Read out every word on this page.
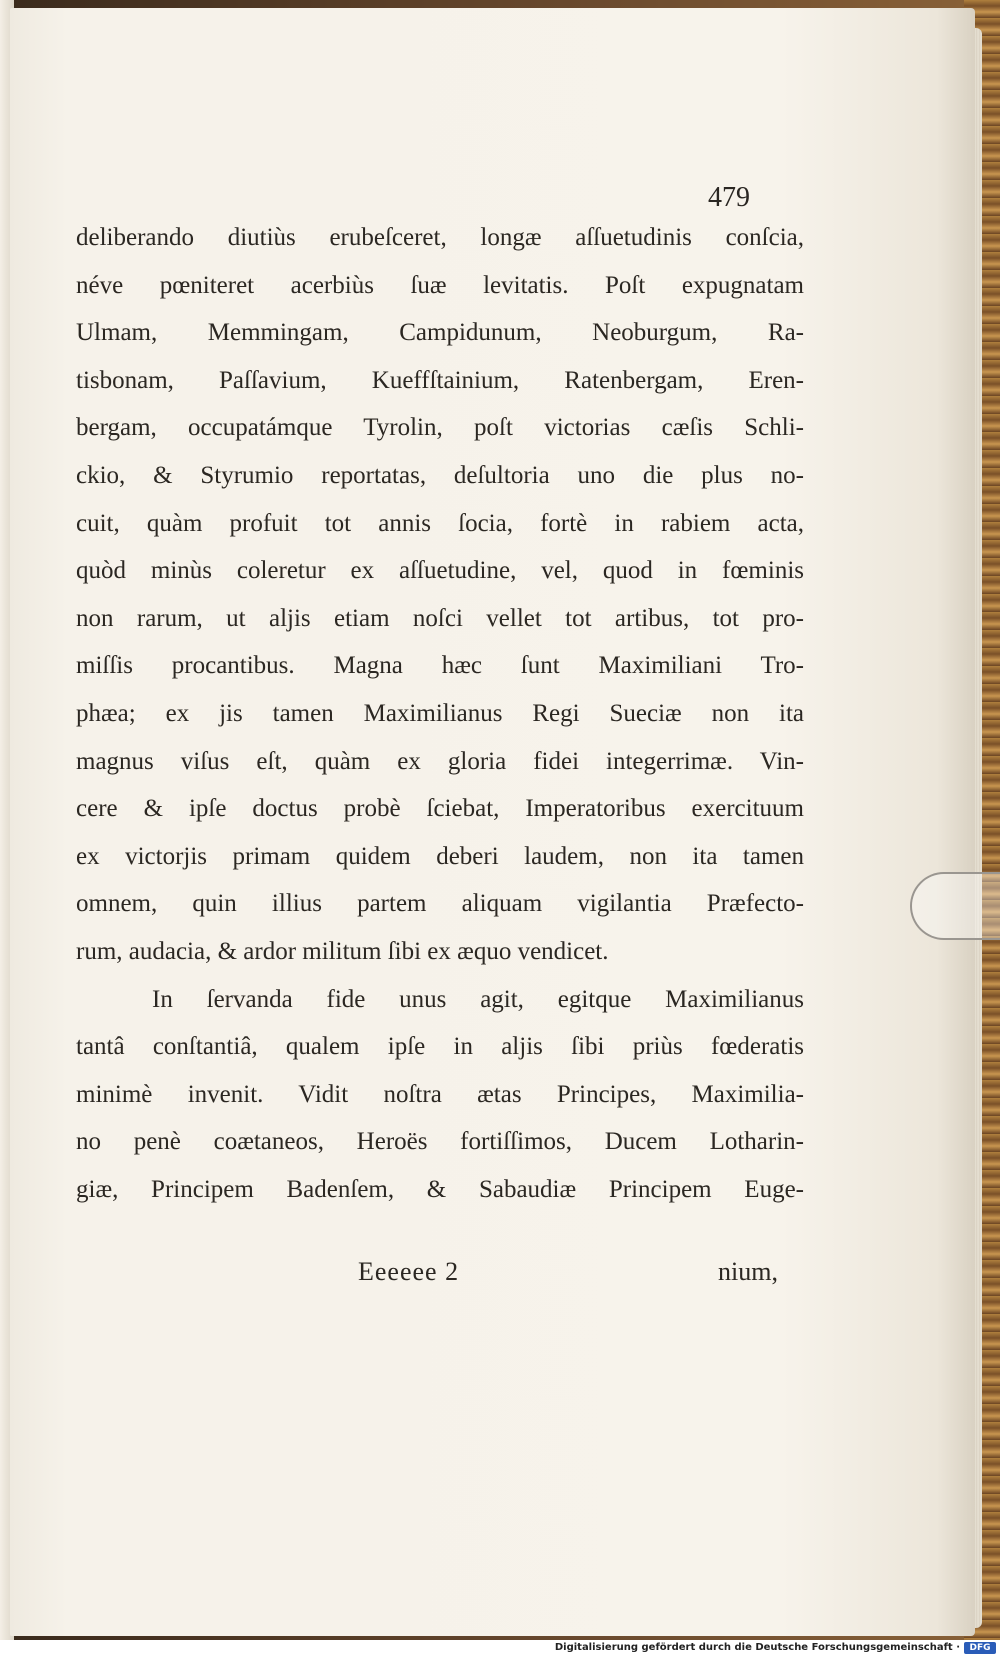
479
deliberando diutiùs erubeſceret, longæ aſſuetudinis conſcia,
néve pœniteret acerbiùs ſuæ levitatis. Poſt expugnatam
Ulmam, Memmingam, Campidunum, Neoburgum, Ra-
tisbonam, Paſſavium, Kueffſtainium, Ratenbergam, Eren-
bergam, occupatámque Tyrolin, poſt victorias cæſis Schli-
ckio, & Styrumio reportatas, deſultoria uno die plus no-
cuit, quàm profuit tot annis ſocia, fortè in rabiem acta,
quòd minùs coleretur ex aſſuetudine, vel, quod in fœminis
non rarum, ut aljis etiam noſci vellet tot artibus, tot pro-
miſſis procantibus. Magna hæc ſunt Maximiliani Tro-
phæa; ex jis tamen Maximilianus Regi Sueciæ non ita
magnus viſus eſt, quàm ex gloria fidei integerrimæ. Vin-
cere & ipſe doctus probè ſciebat, Imperatoribus exercituum
ex victorjis primam quidem deberi laudem, non ita tamen
omnem, quin illius partem aliquam vigilantia Præfecto-
rum, audacia, & ardor militum ſibi ex æquo vendicet.
In ſervanda fide unus agit, egitque Maximilianus
tantâ conſtantiâ, qualem ipſe in aljis ſibi priùs fœderatis
minimè invenit. Vidit noſtra ætas Principes, Maximilia-
no penè coætaneos, Heroës fortiſſimos, Ducem Lotharin-
giæ, Principem Badenſem, & Sabaudiæ Principem Euge-
Eeeeee 2	nium,
Digitalisierung gefördert durch die Deutsche Forschungsgemeinschaft ·	DFG
